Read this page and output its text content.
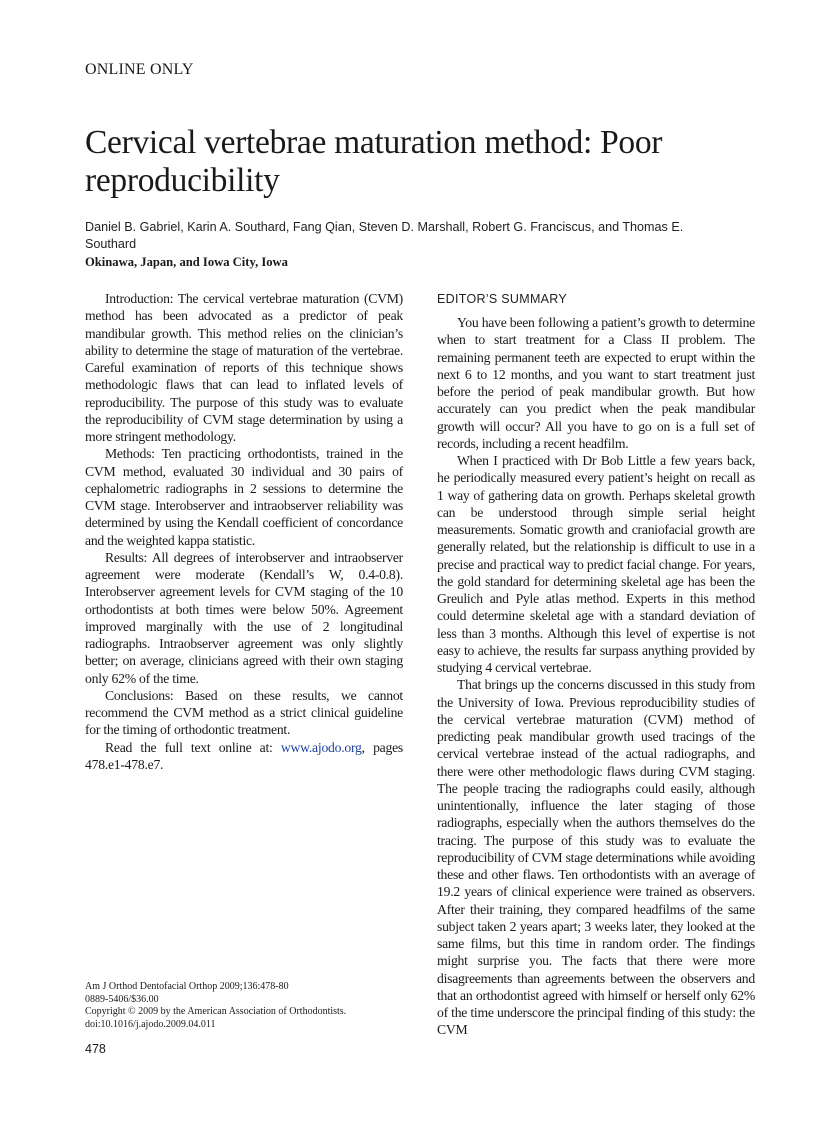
ONLINE ONLY
Cervical vertebrae maturation method: Poor reproducibility
Daniel B. Gabriel, Karin A. Southard, Fang Qian, Steven D. Marshall, Robert G. Franciscus, and Thomas E. Southard
Okinawa, Japan, and Iowa City, Iowa

Introduction: The cervical vertebrae maturation (CVM) method has been advocated as a predictor of peak mandibular growth. This method relies on the clinician’s ability to determine the stage of maturation of the vertebrae. Careful examination of reports of this technique shows methodologic flaws that can lead to inflated levels of reproducibility. The purpose of this study was to evaluate the reproducibility of CVM stage determination by using a more stringent methodology.

Methods: Ten practicing orthodontists, trained in the CVM method, evaluated 30 individual and 30 pairs of cephalometric radiographs in 2 sessions to determine the CVM stage. Interobserver and intraobserver reliability was determined by using the Kendall coefficient of concordance and the weighted kappa statistic.

Results: All degrees of interobserver and intraobserver agreement were moderate (Kendall’s W, 0.4-0.8). Interobserver agreement levels for CVM staging of the 10 orthodontists at both times were below 50%. Agreement improved marginally with the use of 2 longitudinal radiographs. Intraobserver agreement was only slightly better; on average, clinicians agreed with their own staging only 62% of the time.

Conclusions: Based on these results, we cannot recommend the CVM method as a strict clinical guideline for the timing of orthodontic treatment.

Read the full text online at: www.ajodo.org, pages 478.e1-478.e7.

EDITOR’S SUMMARY

You have been following a patient’s growth to determine when to start treatment for a Class II problem. The remaining permanent teeth are expected to erupt within the next 6 to 12 months, and you want to start treatment just before the period of peak mandibular growth. But how accurately can you predict when the peak mandibular growth will occur? All you have to go on is a full set of records, including a recent headfilm.

When I practiced with Dr Bob Little a few years back, he periodically measured every patient’s height on recall as 1 way of gathering data on growth. Perhaps skeletal growth can be understood through simple serial height measurements. Somatic growth and craniofacial growth are generally related, but the relationship is difficult to use in a precise and practical way to predict facial change. For years, the gold standard for determining skeletal age has been the Greulich and Pyle atlas method. Experts in this method could determine skeletal age with a standard deviation of less than 3 months. Although this level of expertise is not easy to achieve, the results far surpass anything provided by studying 4 cervical vertebrae.

That brings up the concerns discussed in this study from the University of Iowa. Previous reproducibility studies of the cervical vertebrae maturation (CVM) method of predicting peak mandibular growth used tracings of the cervical vertebrae instead of the actual radiographs, and there were other methodologic flaws during CVM staging. The people tracing the radiographs could easily, although unintentionally, influence the later staging of those radiographs, especially when the authors themselves do the tracing. The purpose of this study was to evaluate the reproducibility of CVM stage determinations while avoiding these and other flaws. Ten orthodontists with an average of 19.2 years of clinical experience were trained as observers. After their training, they compared headfilms of the same subject taken 2 years apart; 3 weeks later, they looked at the same films, but this time in random order. The findings might surprise you. The facts that there were more disagreements than agreements between the observers and that an orthodontist agreed with himself or herself only 62% of the time underscore the principal finding of this study: the CVM

Am J Orthod Dentofacial Orthop 2009;136:478-80
0889-5406/$36.00
Copyright © 2009 by the American Association of Orthodontists.
doi:10.1016/j.ajodo.2009.04.011
478
